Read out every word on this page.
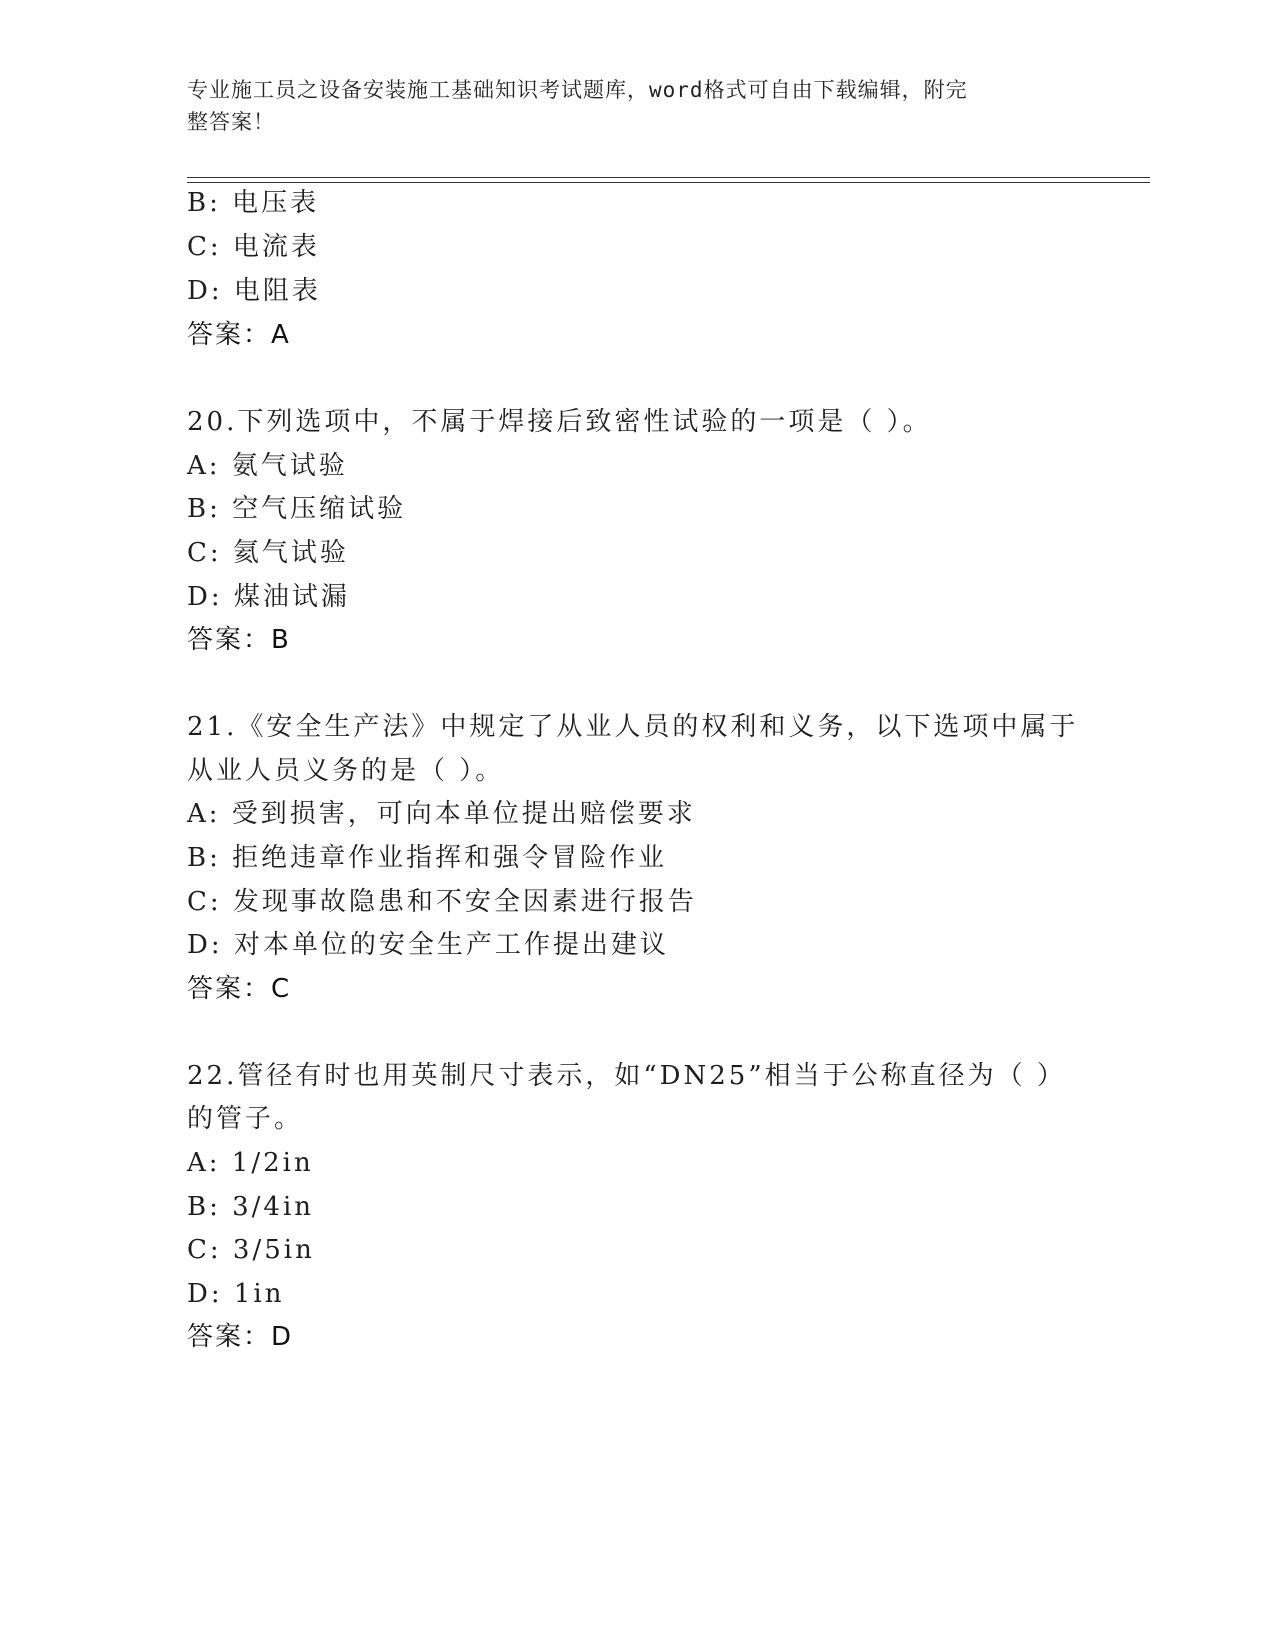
专业施工员之设备安装施工基础知识考试题库，word格式可自由下载编辑，附完
整答案！
B: 电压表
C: 电流表
D: 电阻表
答案：A
20.下列选项中，不属于焊接后致密性试验的一项是（ ）。
A: 氨气试验
B: 空气压缩试验
C: 氦气试验
D: 煤油试漏
答案：B
21.《安全生产法》中规定了从业人员的权利和义务，以下选项中属于
从业人员义务的是（ ）。
A: 受到损害，可向本单位提出赔偿要求
B: 拒绝违章作业指挥和强令冒险作业
C: 发现事故隐患和不安全因素进行报告
D: 对本单位的安全生产工作提出建议
答案：C
22.管径有时也用英制尺寸表示，如“DN25”相当于公称直径为（ ）
的管子。
A: 1/2in
B: 3/4in
C: 3/5in
D: 1in
答案：D
